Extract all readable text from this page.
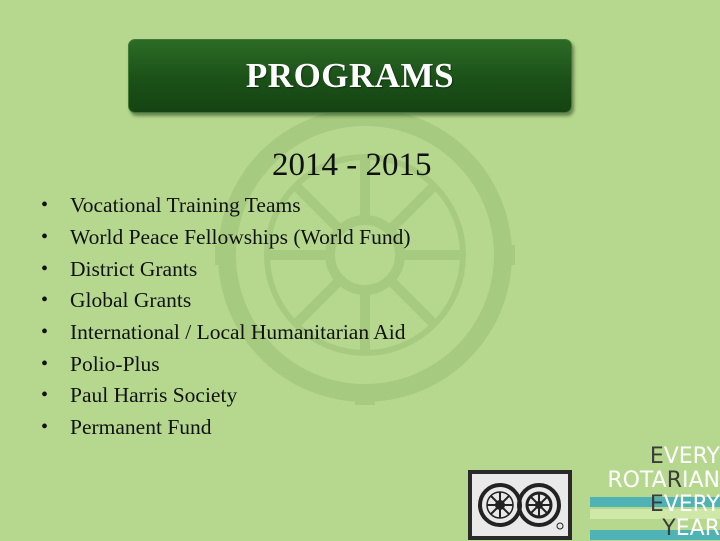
PROGRAMS
2014 - 2015
•	Vocational Training Teams
•	World Peace Fellowships (World Fund)
•	District Grants
•	Global Grants
•	International / Local Humanitarian Aid
•	Polio-Plus
•	Paul Harris Society
•	Permanent Fund
EVERY
ROTARIAN
EVERY
YEAR
